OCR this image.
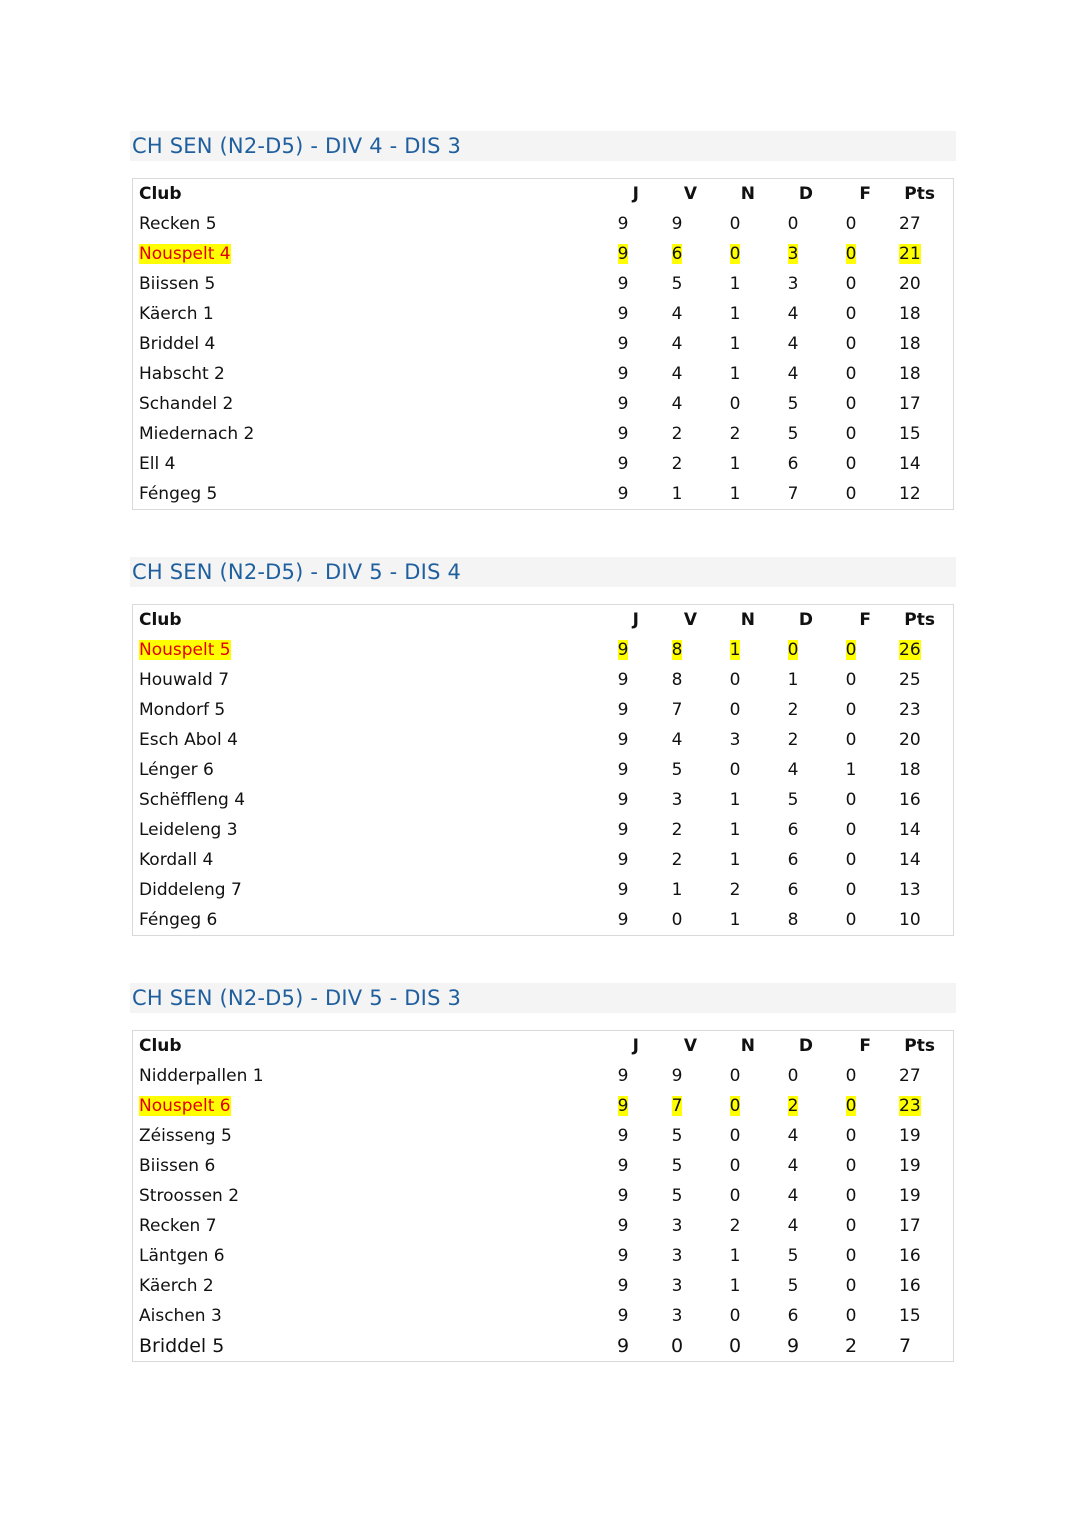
CH SEN (N2-D5) - DIV 4 - DIS 3
Club	J	V	N	D	F	Pts
Recken 5	9	9	0	0	0	27
Nouspelt 4	9	6	0	3	0	21
Biissen 5	9	5	1	3	0	20
Käerch 1	9	4	1	4	0	18
Briddel 4	9	4	1	4	0	18
Habscht 2	9	4	1	4	0	18
Schandel 2	9	4	0	5	0	17
Miedernach 2	9	2	2	5	0	15
Ell 4	9	2	1	6	0	14
Féngeg 5	9	1	1	7	0	12
CH SEN (N2-D5) - DIV 5 - DIS 4
Club	J	V	N	D	F	Pts
Nouspelt 5	9	8	1	0	0	26
Houwald 7	9	8	0	1	0	25
Mondorf 5	9	7	0	2	0	23
Esch Abol 4	9	4	3	2	0	20
Lénger 6	9	5	0	4	1	18
Schëffleng 4	9	3	1	5	0	16
Leideleng 3	9	2	1	6	0	14
Kordall 4	9	2	1	6	0	14
Diddeleng 7	9	1	2	6	0	13
Féngeg 6	9	0	1	8	0	10
CH SEN (N2-D5) - DIV 5 - DIS 3
Club	J	V	N	D	F	Pts
Nidderpallen 1	9	9	0	0	0	27
Nouspelt 6	9	7	0	2	0	23
Zéisseng 5	9	5	0	4	0	19
Biissen 6	9	5	0	4	0	19
Stroossen 2	9	5	0	4	0	19
Recken 7	9	3	2	4	0	17
Läntgen 6	9	3	1	5	0	16
Käerch 2	9	3	1	5	0	16
Aischen 3	9	3	0	6	0	15
Briddel 5	9	0	0	9	2	7
